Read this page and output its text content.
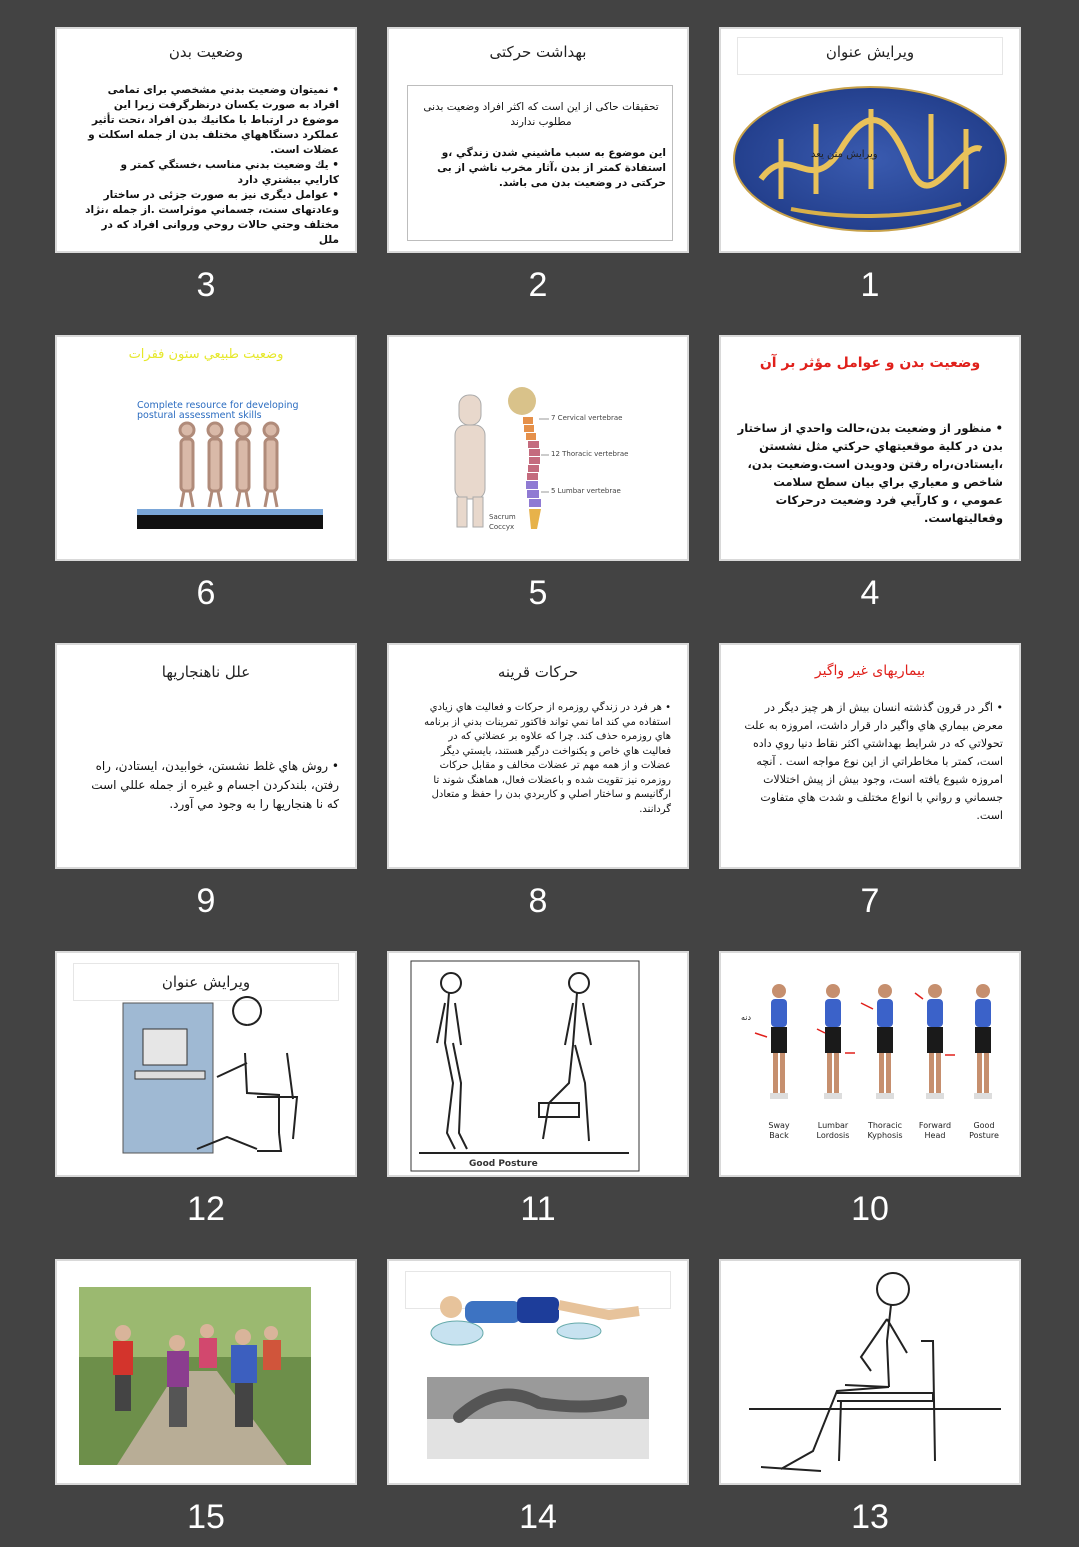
وضعيت بدن

• نميتوان وضعيت بدني مشخصي برای تمامی افراد به صورت يكسان درنظرگرفت زيرا اين موضوع در ارتباط با مكانيك بدن افراد ،تحت تأثير عملكرد دستگاههاي مختلف بدن از جمله اسكلت و عضلات است.

• يك وضعيت بدني مناسب ،خستگي كمتر و كارايي بيشتري دارد

• عوامل ديگری نيز به صورت جزئی در ساختار وعادتهای سنت، جسماني موثراست .از جمله ،نژاد مختلف وحتي حالات روحي وروانی افراد كه در ملل

3
بهداشت حركتی

تحقيقات حاکی از اين است که اکثر افراد وضعيت بدنی مطلوب ندارند

اين موضوع به سبب ماشيني شدن زندگي ،و استفادة كمتر از بدن ،آثار مخرب ناشي از بی حركتی در وضعيت بدن می باشد.

2
ويرايش عنوان
ويرايش متن يعد
1
وضعيت طبيعي ستون فقرات
Complete resource for developing postural assessment skills
6
7 Cervical vertebrae
12 Thoracic vertebrae
5 Lumbar vertebrae
Sacrum
Coccyx
5
وضعيت بدن و عوامل مؤثر بر آن

• منظور از وضعيت بدن،حالت واحدي از ساختار بدن در كلية موقعيتهاي حركتي مثل نشستن ،ايستادن،راه رفتن ودويدن است.وضعيت بدن، شاخص و معياري براي بيان سطح سلامت عمومي ، و كارآيي فرد وضعيت درحركات وفعاليتهاست.

4
علل ناهنجاريها

• روش هاي غلط نشستن، خوابيدن، ايستادن، راه رفتن، بلندكردن اجسام و غيره از جمله عللي است كه نا هنجاريها را به وجود مي آورد.

9
حركات قرينه

• هر فرد در زندگي روزمره از حركات و فعاليت هاي زيادي استفاده مي كند اما نمي تواند فاكتور تمرينات بدني از برنامه هاي روزمره حذف كند. چرا كه علاوه بر عضلاتي كه در فعاليت هاي خاص و يكنواخت درگير هستند، بايستي ديگر عضلات و از همه مهم تر عضلات مخالف و مقابل حركات روزمره نيز تقويت شده و باعضلات فعال، هماهنگ شوند تا ارگانيسم و ساختار اصلي و كاربردي بدن را حفظ و متعادل گردانند.

8
بيماريهای غير واگير

• اگر در قرون گذشته انسان بيش از هر چيز ديگر در معرض بيماري هاي واگير دار قرار داشت، امروزه به علت تحولاتي كه در شرايط بهداشتي اكثر نقاط دنيا روي داده است، كمتر با مخاطراتي از اين نوع مواجه است . آنچه امروزه شيوع يافته است، وجود بيش از پيش اختلالات جسماني و رواني با انواع مختلف و شدت هاي متفاوت است.

7
ويرايش عنوان
12
Good Posture
11
دنه
Sway Back
Lumbar Lordosis
Thoracic Kyphosis
Forward Head
Good Posture
10
15	14	13
